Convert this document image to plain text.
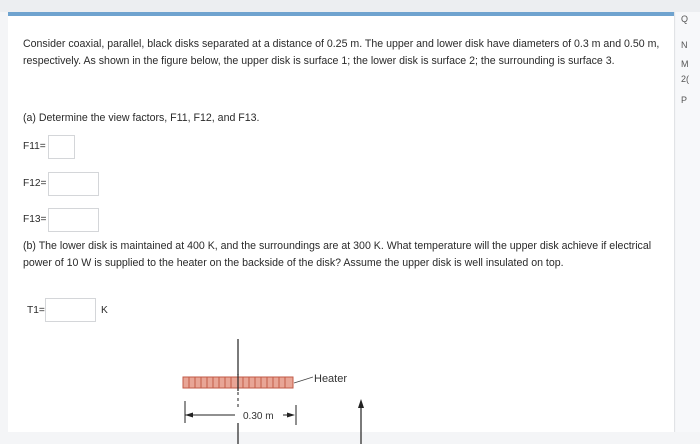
Consider coaxial, parallel, black disks separated at a distance of 0.25 m. The upper and lower disk have diameters of 0.3 m and 0.50 m, respectively. As shown in the figure below, the upper disk is surface 1; the lower disk is surface 2; the surrounding is surface 3.
(a) Determine the view factors, F11, F12, and F13.
F11=
F12=
F13=
(b) The lower disk is maintained at 400 K, and the surroundings are at 300 K. What temperature will the upper disk achieve if electrical power of 10 W is supplied to the heater on the backside of the disk? Assume the upper disk is well insulated on top.
T1=	K
Heater
0.30 m
Q
N
M
2(
P
